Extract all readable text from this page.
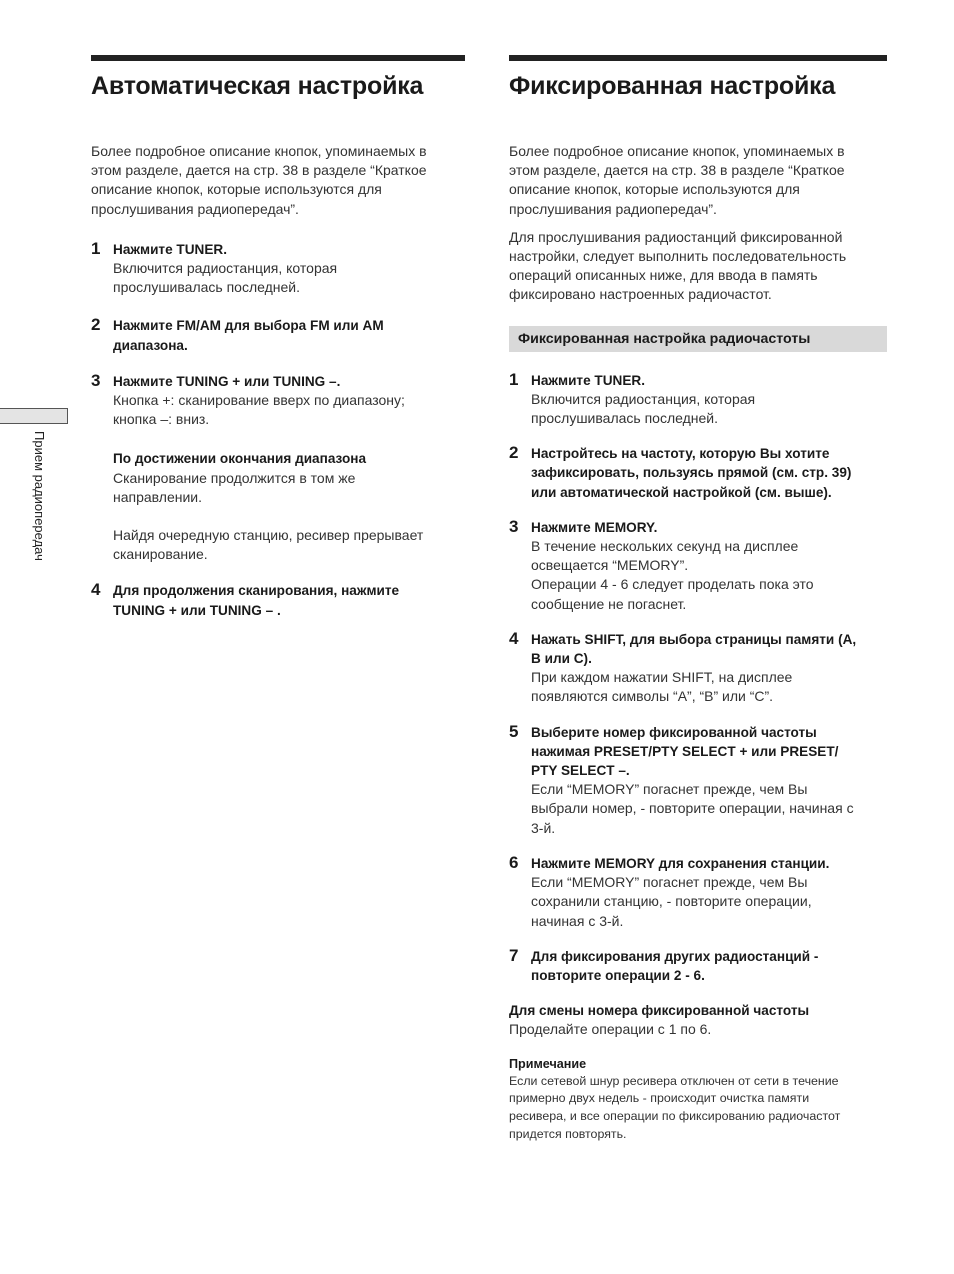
Прием радиопередач
Автоматическая настройка

Более подробное описание кнопок, упоминаемых в
этом разделе, дается на стр. 38 в разделе “Краткое
описание кнопок, которые используются для
прослушивания радиопередач”.

1 Нажмите TUNER.

Включится радиостанция, которая
прослушивалась последней.

2 Нажмите FM/AM для выбора FM или AM
диапазона.

3 Нажмите TUNING + или TUNING –.

Кнопка +: сканирование вверх по диапазону;
кнопка –: вниз.

По достижении окончания диапазона

Сканирование продолжится в том же
направлении.

Найдя очередную станцию, ресивер прерывает
сканирование.

4 Для продолжения сканирования, нажмите
TUNING + или TUNING – .

Фиксированная настройка

Более подробное описание кнопок, упоминаемых в
этом разделе, дается на стр. 38 в разделе “Краткое
описание кнопок, которые используются для
прослушивания радиопередач”.

Для прослушивания радиостанций фиксированной
настройки, следует выполнить последовательность
операций описанных ниже, для ввода в память
фиксировано настроенных радиочастот.

Фиксированная настройка радиочастоты
1 Нажмите TUNER.

Включится радиостанция, которая
прослушивалась последней.

2 Настройтесь на частоту, которую Вы хотите
зафиксировать, пользуясь прямой (см. стр. 39)
или автоматической настройкой (см. выше).

3 Нажмите MEMORY.

В течение нескольких секунд на дисплее
освещается “MEMORY”.
Операции 4 - 6 следует проделать пока это
сообщение не погаснет.

4 Нажать SHIFT, для выбора страницы памяти (A,
B или C).

При каждом нажатии SHIFT, на дисплее
появляются символы “A”, “B” или “C”.

5 Выберите номер фиксированной частоты
нажимая PRESET/PTY SELECT + или PRESET/
PTY SELECT –.

Если “MEMORY” погаснет прежде, чем Вы
выбрали номер, - повторите операции, начиная с
3-й.

6 Нажмите MEMORY для сохранения станции.

Если “MEMORY” погаснет прежде, чем Вы
сохранили станцию, - повторите операции,
начиная с 3-й.

7 Для фиксирования других радиостанций -
повторите операции 2 - 6.

Для смены номера фиксированной частоты

Проделайте операции с 1 по 6.

Примечание

Если сетевой шнур ресивера отключен от сети в течение
примерно двух недель - происходит очистка памяти
ресивера, и все операции по фиксированию радиочастот
придется повторять.
